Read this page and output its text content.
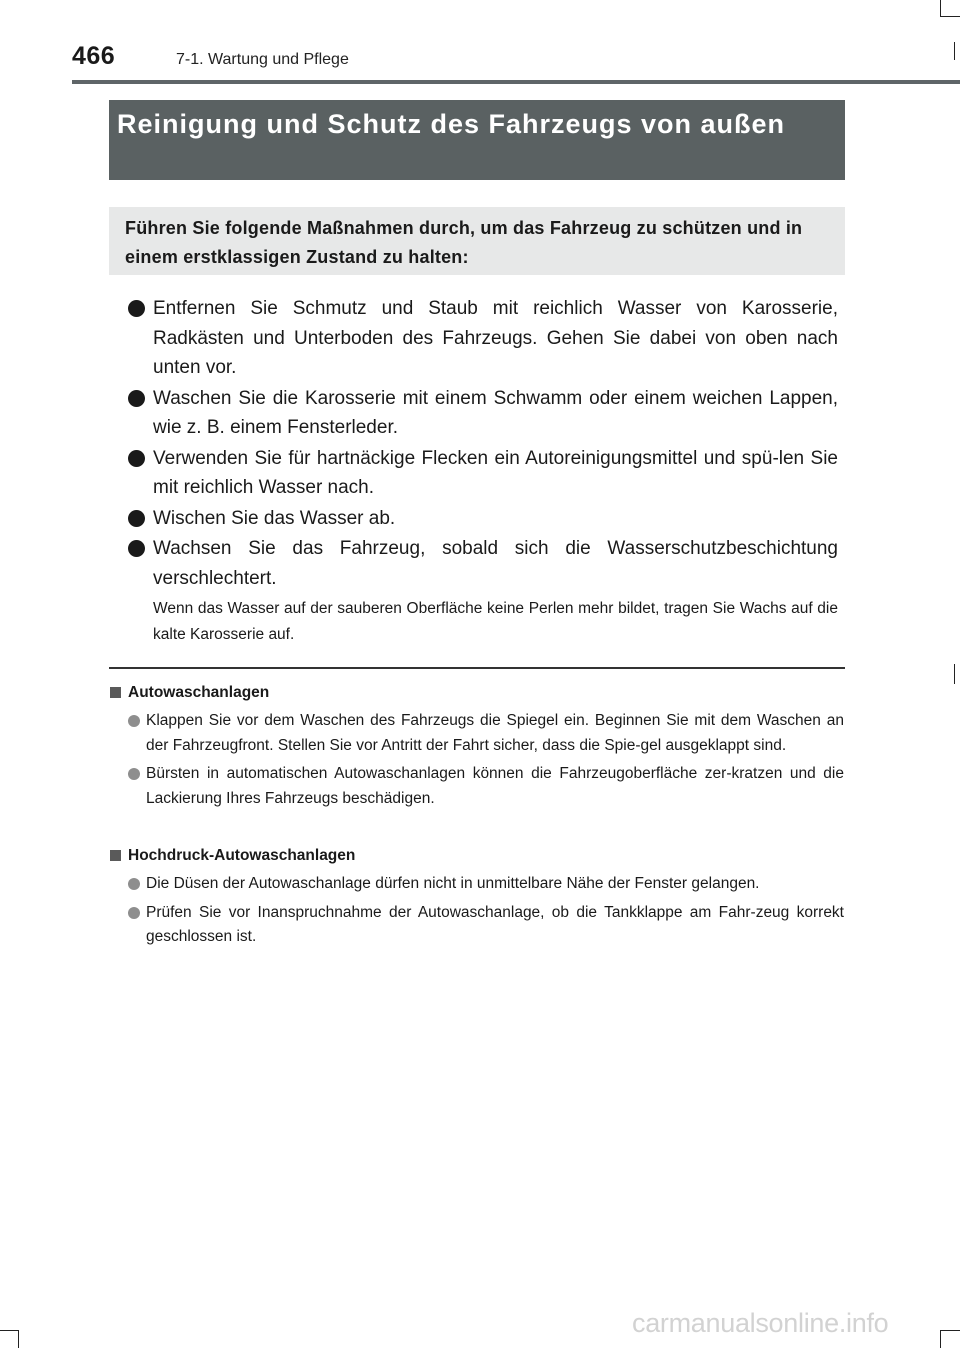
466	7-1. Wartung und Pflege
Reinigung und Schutz des Fahrzeugs von außen
Führen Sie folgende Maßnahmen durch, um das Fahrzeug zu schützen und in einem erstklassigen Zustand zu halten:
Entfernen Sie Schmutz und Staub mit reichlich Wasser von Karosserie, Radkästen und Unterboden des Fahrzeugs. Gehen Sie dabei von oben nach unten vor.
Waschen Sie die Karosserie mit einem Schwamm oder einem weichen Lappen, wie z. B. einem Fensterleder.
Verwenden Sie für hartnäckige Flecken ein Autoreinigungsmittel und spü-len Sie mit reichlich Wasser nach.
Wischen Sie das Wasser ab.
Wachsen Sie das Fahrzeug, sobald sich die Wasserschutzbeschichtung verschlechtert.
Wenn das Wasser auf der sauberen Oberfläche keine Perlen mehr bildet, tragen Sie Wachs auf die kalte Karosserie auf.
Autowaschanlagen
Klappen Sie vor dem Waschen des Fahrzeugs die Spiegel ein. Beginnen Sie mit dem Waschen an der Fahrzeugfront. Stellen Sie vor Antritt der Fahrt sicher, dass die Spie-gel ausgeklappt sind.
Bürsten in automatischen Autowaschanlagen können die Fahrzeugoberfläche zer-kratzen und die Lackierung Ihres Fahrzeugs beschädigen.
Hochdruck-Autowaschanlagen
Die Düsen der Autowaschanlage dürfen nicht in unmittelbare Nähe der Fenster gelangen.
Prüfen Sie vor Inanspruchnahme der Autowaschanlage, ob die Tankklappe am Fahr-zeug korrekt geschlossen ist.
carmanualsonline.info
